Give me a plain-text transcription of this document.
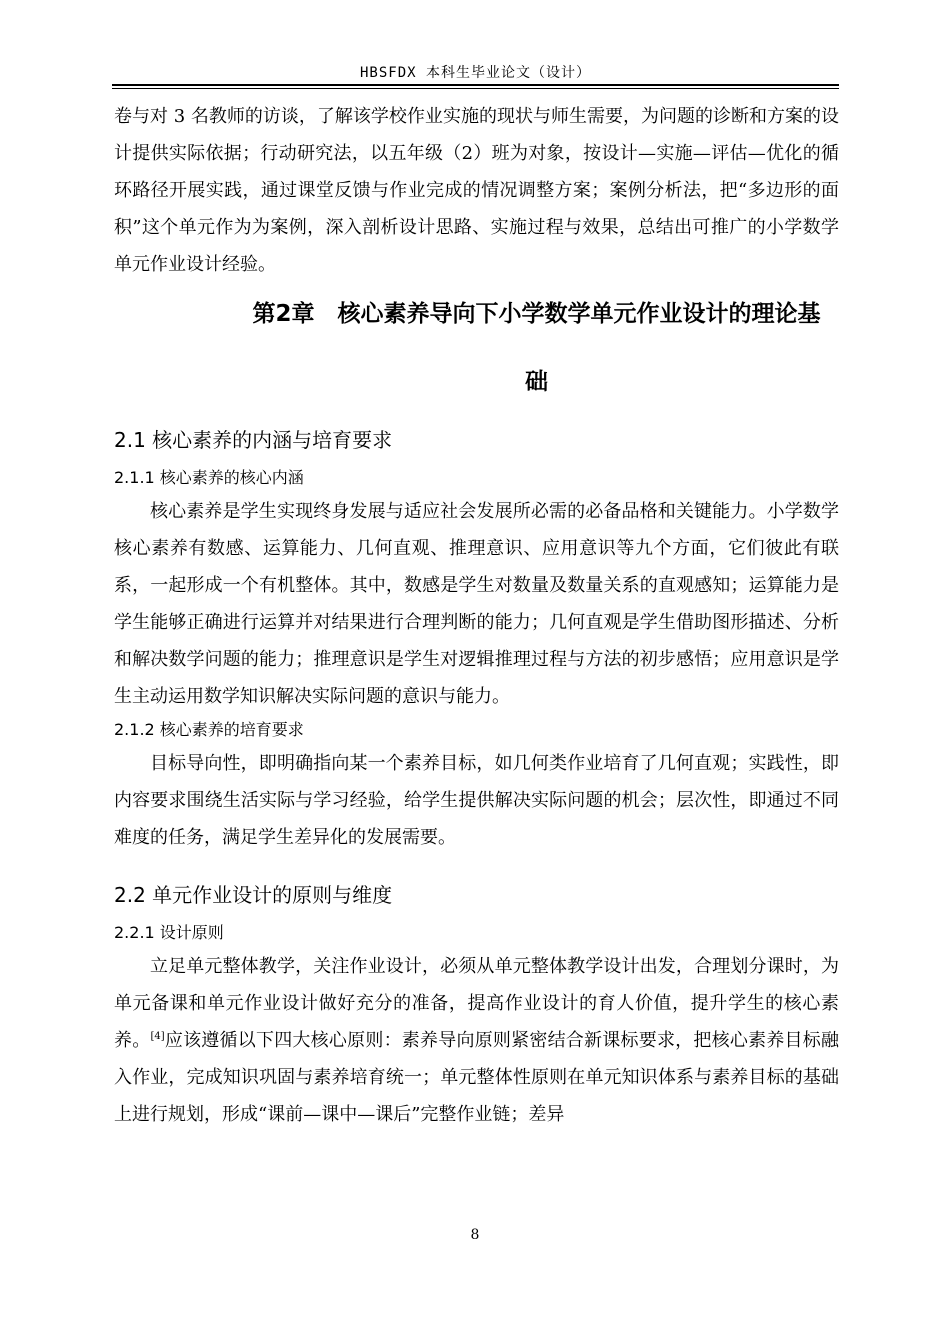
HBSFDX 本科生毕业论文（设计）

卷与对 3 名教师的访谈，了解该学校作业实施的现状与师生需要，为问题的诊断和方案的设计提供实际依据；行动研究法，以五年级（2）班为对象，按设计—实施—评估—优化的循环路径开展实践，通过课堂反馈与作业完成的情况调整方案；案例分析法，把“多边形的面积”这个单元作为为案例，深入剖析设计思路、实施过程与效果，总结出可推广的小学数学单元作业设计经验。

第2章　核心素养导向下小学数学单元作业设计的理论基
础
2.1 核心素养的内涵与培育要求
2.1.1 核心素养的核心内涵

核心素养是学生实现终身发展与适应社会发展所必需的必备品格和关键能力。小学数学核心素养有数感、运算能力、几何直观、推理意识、应用意识等九个方面，它们彼此有联系，一起形成一个有机整体。其中，数感是学生对数量及数量关系的直观感知；运算能力是学生能够正确进行运算并对结果进行合理判断的能力；几何直观是学生借助图形描述、分析和解决数学问题的能力；推理意识是学生对逻辑推理过程与方法的初步感悟；应用意识是学生主动运用数学知识解决实际问题的意识与能力。

2.1.2 核心素养的培育要求

目标导向性，即明确指向某一个素养目标，如几何类作业培育了几何直观；实践性，即内容要求围绕生活实际与学习经验，给学生提供解决实际问题的机会；层次性，即通过不同难度的任务，满足学生差异化的发展需要。

2.2 单元作业设计的原则与维度
2.2.1 设计原则

立足单元整体教学，关注作业设计，必须从单元整体教学设计出发，合理划分课时，为单元备课和单元作业设计做好充分的准备，提高作业设计的育人价值，提升学生的核心素养。[4]应该遵循以下四大核心原则：素养导向原则紧密结合新课标要求，把核心素养目标融入作业，完成知识巩固与素养培育统一；单元整体性原则在单元知识体系与素养目标的基础上进行规划，形成“课前—课中—课后”完整作业链；差异

8
